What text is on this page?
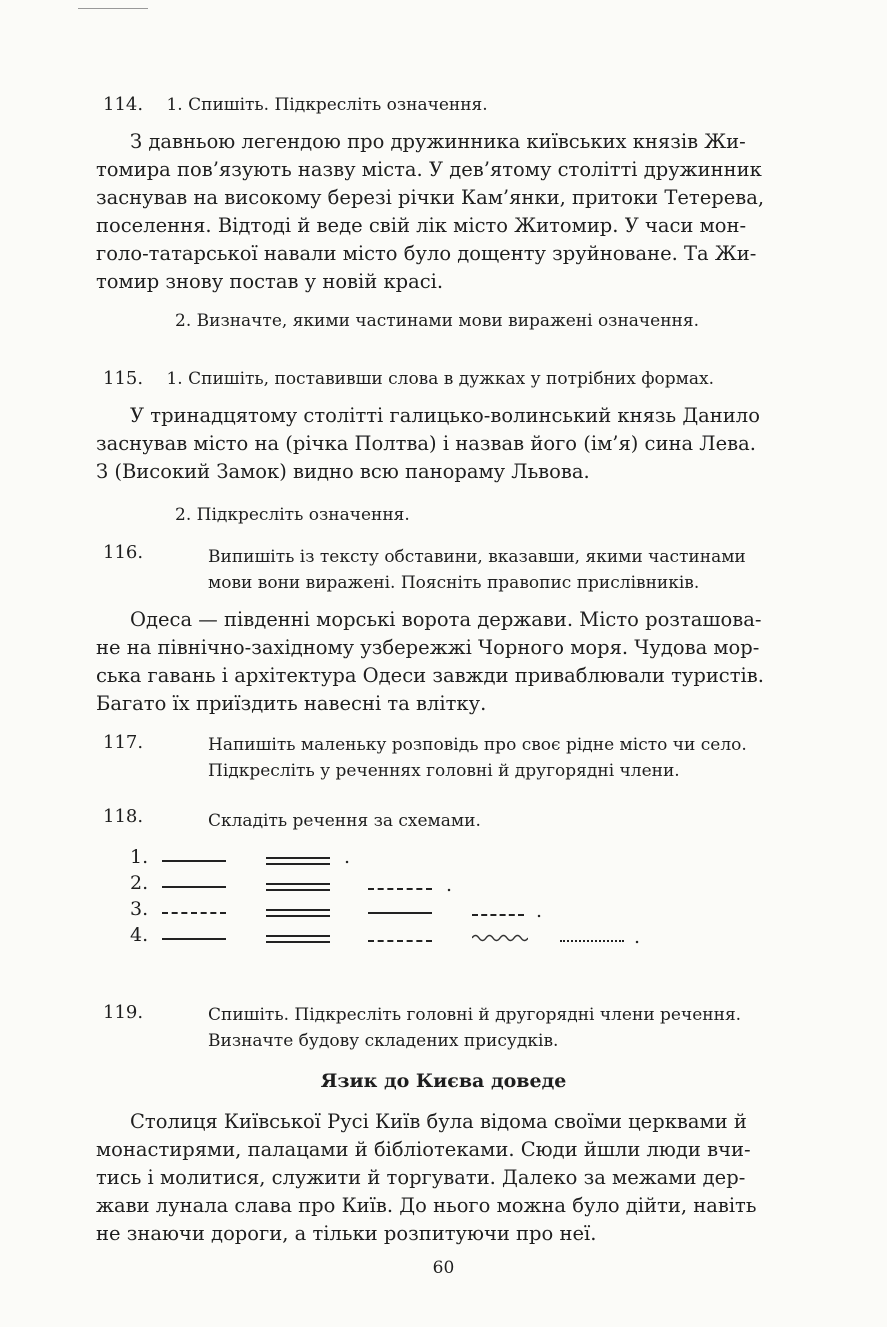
114. 1. Спишіть. Підкресліть означення.
З давньою легендою про дружинника київських князів Жи-
томира пов’язують назву міста. У дев’ятому столітті дружинник
заснував на високому березі річки Кам’янки, притоки Тетерева,
поселення. Відтоді й веде свій лік місто Житомир. У часи мон-
голо-татарської навали місто було дощенту зруйноване. Та Жи-
томир знову постав у новій красі.
2. Визначте, якими частинами мови виражені означення.
115. 1. Спишіть, поставивши слова в дужках у потрібних формах.
У тринадцятому столітті галицько-волинський князь Данило
заснував місто на (річка Полтва) і назвав його (ім’я) сина Лева.
З (Високий Замок) видно всю панораму Львова.
2. Підкресліть означення.
116.	Випишіть із тексту обставини, вказавши, якими частинами
мови вони виражені. Поясніть правопис прислівників.
Одеса — південні морські ворота держави. Місто розташова-
не на північно-західному узбережжі Чорного моря. Чудова мор-
ська гавань і архітектура Одеси завжди приваблювали туристів.
Багато їх приїздить навесні та влітку.
117.	Напишіть маленьку розповідь про своє рідне місто чи село.
Підкресліть у реченнях головні й другорядні члени.
118.	Складіть речення за схемами.
1.	.
2.	.
3.	.
4.	.
119.	Спишіть. Підкресліть головні й другорядні члени речення.
Визначте будову складених присудків.
Язик до Києва доведе
Столиця Київської Русі Київ була відома своїми церквами й
монастирями, палацами й бібліотеками. Сюди йшли люди вчи-
тись і молитися, служити й торгувати. Далеко за межами дер-
жави лунала слава про Київ. До нього можна було дійти, навіть
не знаючи дороги, а тільки розпитуючи про неї.
60
